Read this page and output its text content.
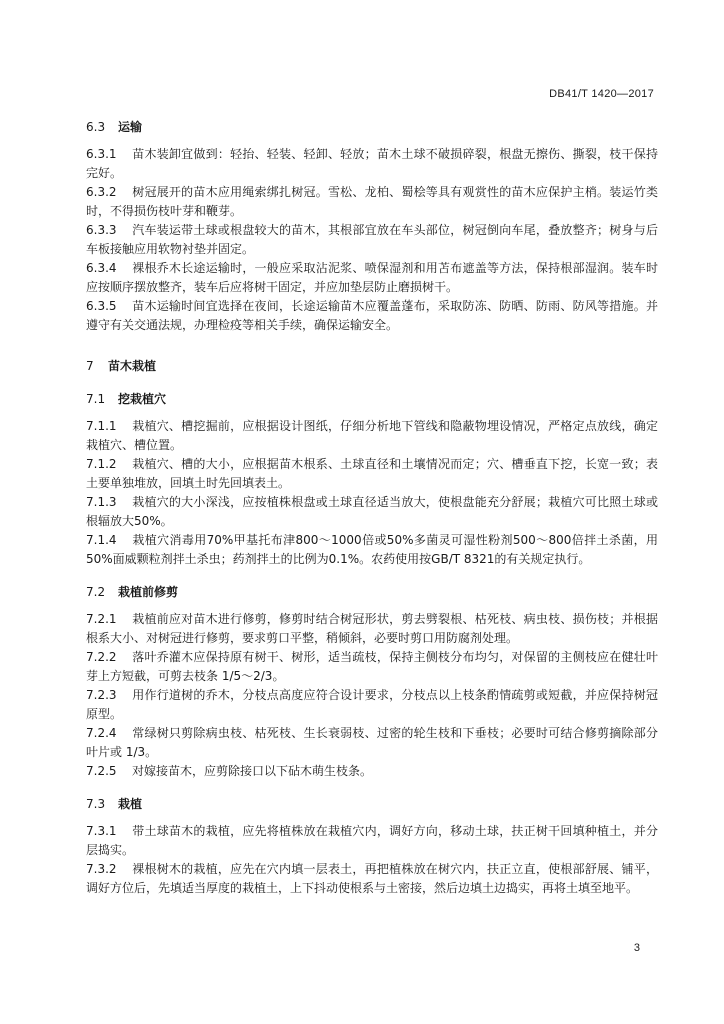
DB41/T 1420—2017

6.3 运输

6.3.1 苗木装卸宜做到：轻抬、轻装、轻卸、轻放；苗木土球不破损碎裂，根盘无擦伤、撕裂，枝干保持完好。

6.3.2 树冠展开的苗木应用绳索绑扎树冠。雪松、龙柏、蜀桧等具有观赏性的苗木应保护主梢。装运竹类时，不得损伤枝叶芽和鞭芽。

6.3.3 汽车装运带土球或根盘较大的苗木，其根部宜放在车头部位，树冠倒向车尾，叠放整齐；树身与后车板接触应用软物衬垫并固定。

6.3.4 裸根乔木长途运输时，一般应采取沾泥浆、喷保湿剂和用苫布遮盖等方法，保持根部湿润。装车时应按顺序摆放整齐，装车后应将树干固定，并应加垫层防止磨损树干。

6.3.5 苗木运输时间宜选择在夜间，长途运输苗木应覆盖蓬布，采取防冻、防晒、防雨、防风等措施。并遵守有关交通法规，办理检疫等相关手续，确保运输安全。

7 苗木栽植

7.1 挖栽植穴

7.1.1 栽植穴、槽挖掘前，应根据设计图纸，仔细分析地下管线和隐蔽物埋设情况，严格定点放线，确定栽植穴、槽位置。

7.1.2 栽植穴、槽的大小，应根据苗木根系、土球直径和土壤情况而定；穴、槽垂直下挖，长宽一致；表土要单独堆放，回填土时先回填表土。

7.1.3 栽植穴的大小深浅，应按植株根盘或土球直径适当放大，使根盘能充分舒展；栽植穴可比照土球或根辐放大50%。

7.1.4 栽植穴消毒用70%甲基托布津800～1000倍或50%多菌灵可湿性粉剂500～800倍拌土杀菌，用50%面威颗粒剂拌土杀虫；药剂拌土的比例为0.1%。农药使用按GB/T 8321的有关规定执行。

7.2 栽植前修剪

7.2.1 栽植前应对苗木进行修剪，修剪时结合树冠形状，剪去劈裂根、枯死枝、病虫枝、损伤枝；并根据根系大小、对树冠进行修剪，要求剪口平整，稍倾斜，必要时剪口用防腐剂处理。

7.2.2 落叶乔灌木应保持原有树干、树形，适当疏枝，保持主侧枝分布均匀，对保留的主侧枝应在健壮叶芽上方短截，可剪去枝条 1/5～2/3。

7.2.3 用作行道树的乔木，分枝点高度应符合设计要求，分枝点以上枝条酌情疏剪或短截，并应保持树冠原型。

7.2.4 常绿树只剪除病虫枝、枯死枝、生长衰弱枝、过密的轮生枝和下垂枝；必要时可结合修剪摘除部分叶片或 1/3。

7.2.5 对嫁接苗木，应剪除接口以下砧木萌生枝条。

7.3 栽植

7.3.1 带土球苗木的栽植，应先将植株放在栽植穴内，调好方向，移动土球，扶正树干回填种植土，并分层捣实。

7.3.2 裸根树木的栽植，应先在穴内填一层表土，再把植株放在树穴内，扶正立直，使根部舒展、铺平，调好方位后，先填适当厚度的栽植土，上下抖动使根系与土密接，然后边填土边捣实，再将土填至地平。

3
